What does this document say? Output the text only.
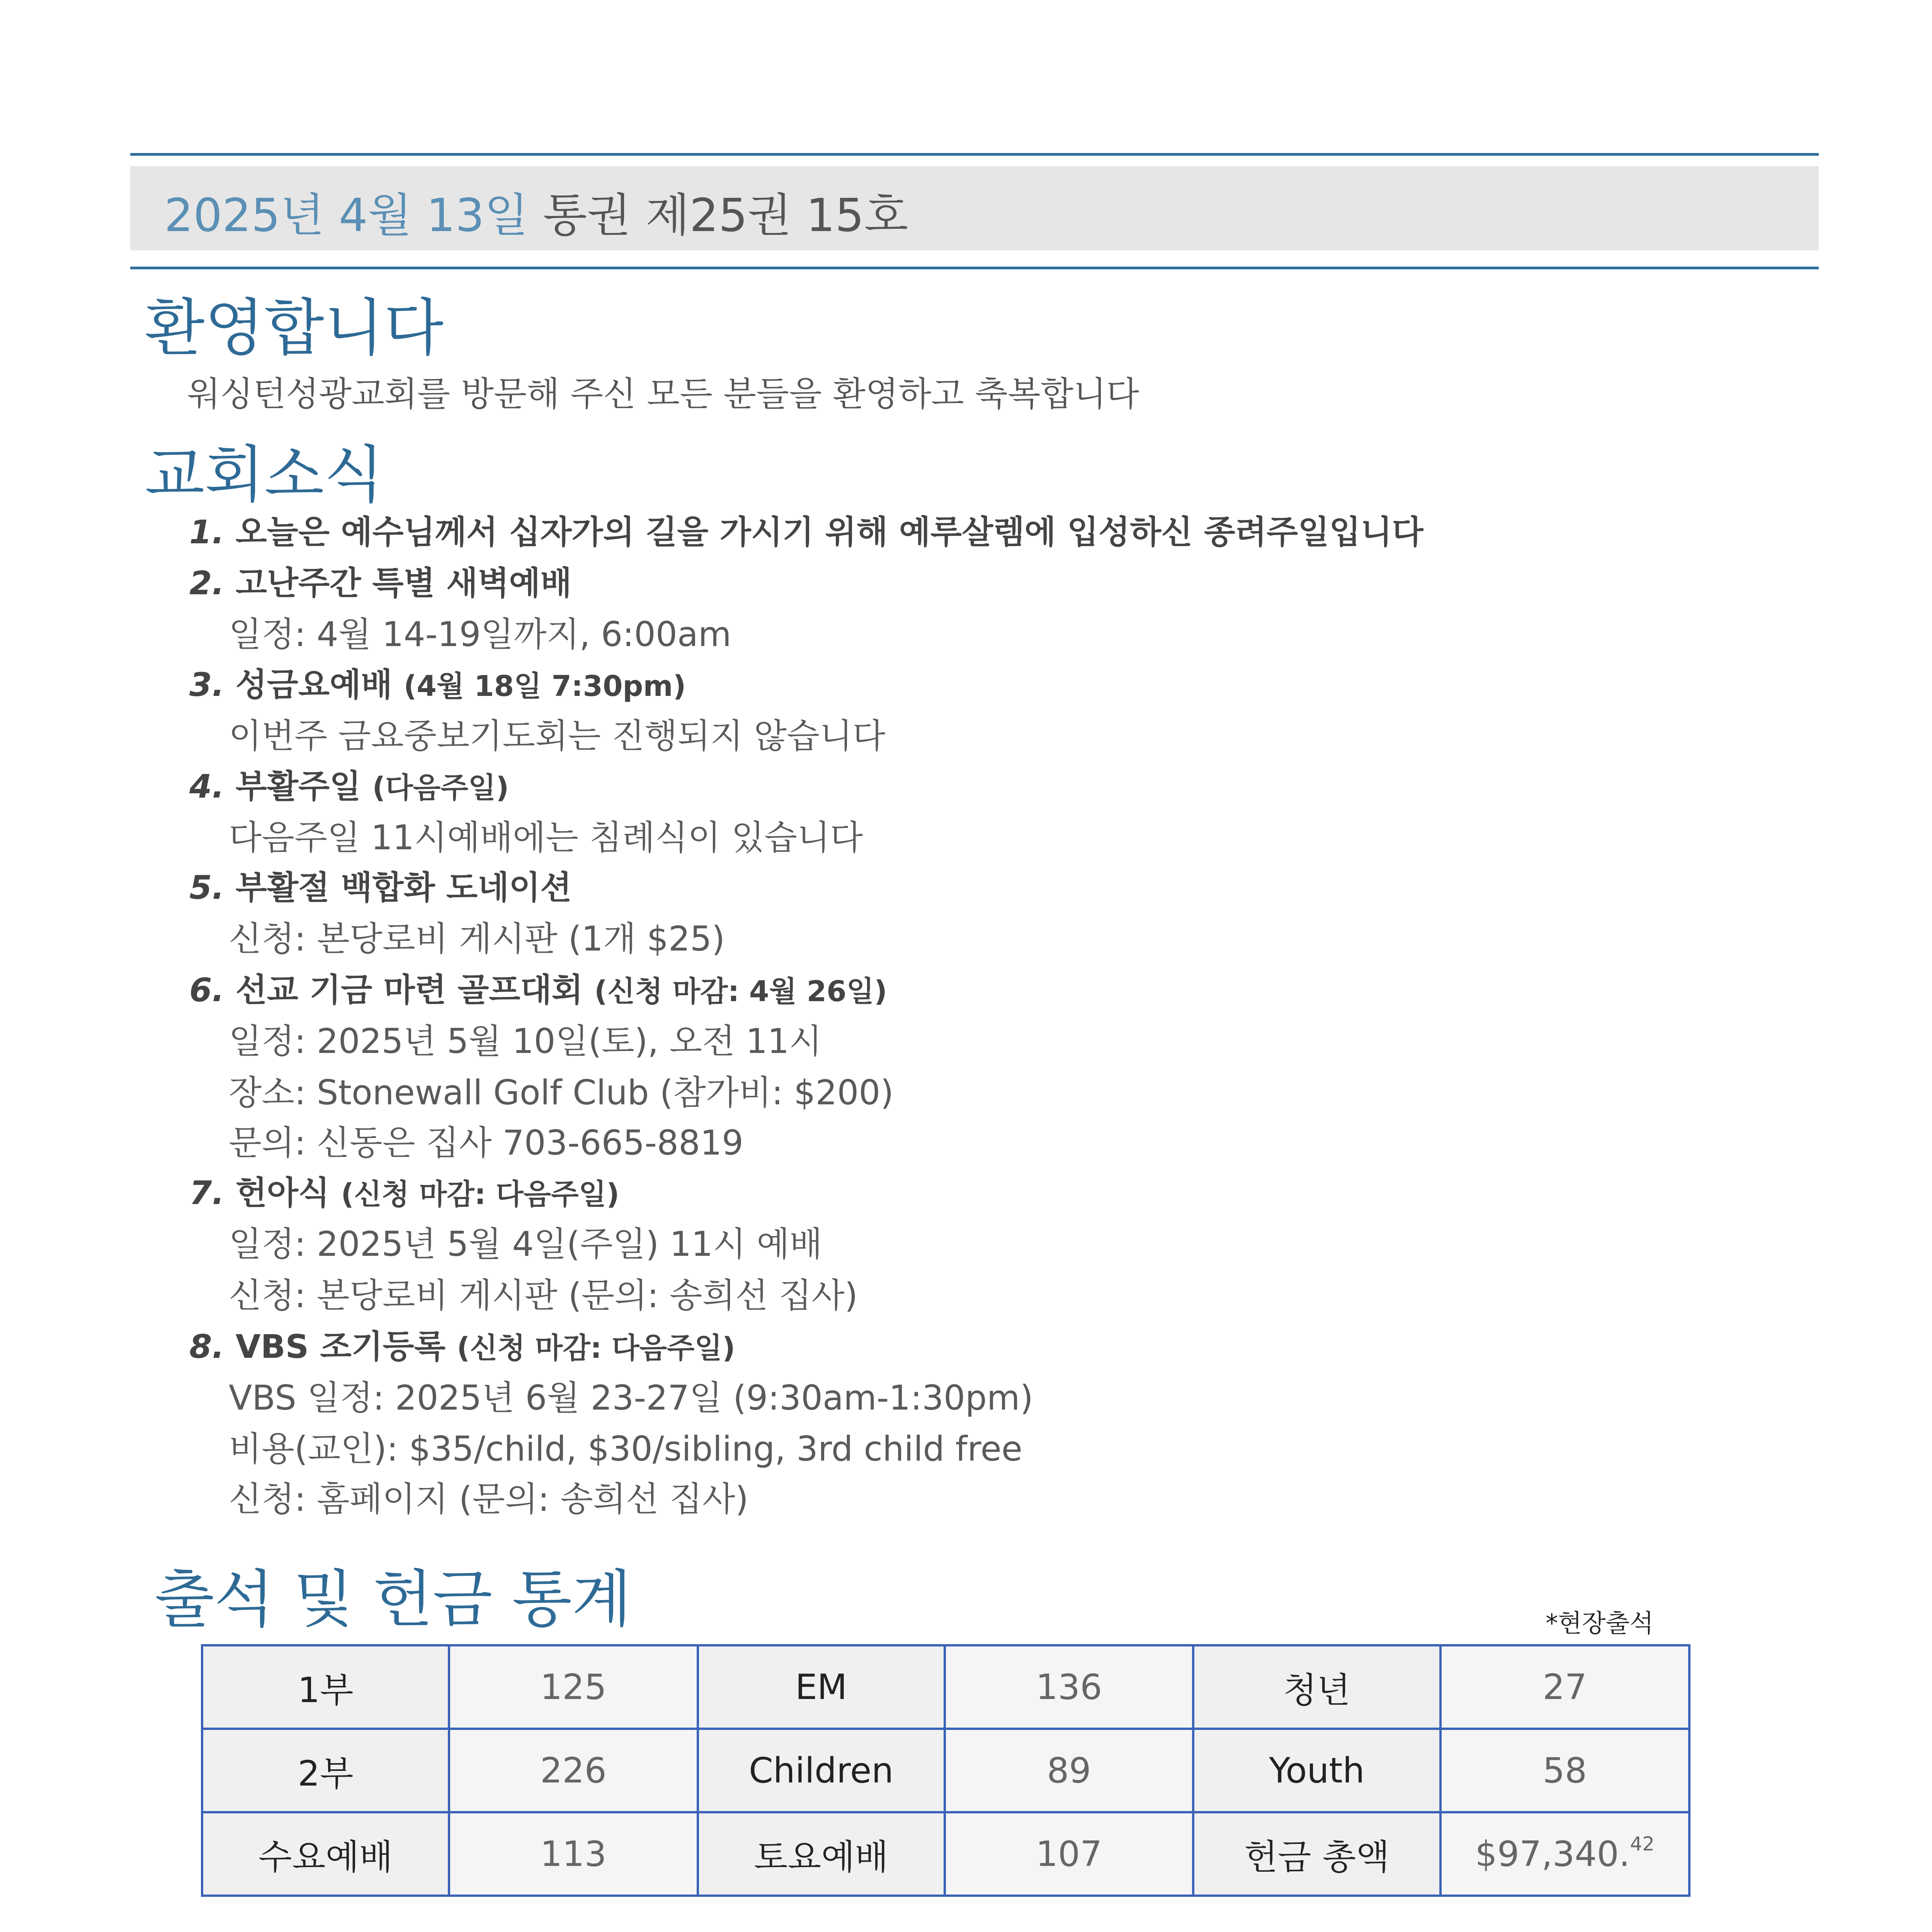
2025년 4월 13일 통권 제25권 15호
환영합니다
워싱턴성광교회를 방문해 주신 모든 분들을 환영하고 축복합니다
교회소식
1. 오늘은 예수님께서 십자가의 길을 가시기 위해 예루살렘에 입성하신 종려주일입니다
2. 고난주간 특별 새벽예배
일정: 4월 14-19일까지, 6:00am
3. 성금요예배 (4월 18일 7:30pm)
이번주 금요중보기도회는 진행되지 않습니다
4. 부활주일 (다음주일)
다음주일 11시예배에는 침례식이 있습니다
5. 부활절 백합화 도네이션
신청: 본당로비 게시판 (1개 $25)
6. 선교 기금 마련 골프대회 (신청 마감: 4월 26일)
일정: 2025년 5월 10일(토), 오전 11시
장소: Stonewall Golf Club (참가비: $200)
문의: 신동은 집사 703-665-8819
7. 헌아식 (신청 마감: 다음주일)
일정: 2025년 5월 4일(주일) 11시 예배
신청: 본당로비 게시판 (문의: 송희선 집사)
8. VBS 조기등록 (신청 마감: 다음주일)
VBS 일정: 2025년 6월 23-27일 (9:30am-1:30pm)
비용(교인): $35/child, $30/sibling, 3rd child free
신청: 홈페이지 (문의: 송희선 집사)
출석 및 헌금 통계	*현장출석
1부	125	EM	136	청년	27
2부	226	Children	89	Youth	58
수요예배	113	토요예배	107	헌금 총액	$97,340.42
